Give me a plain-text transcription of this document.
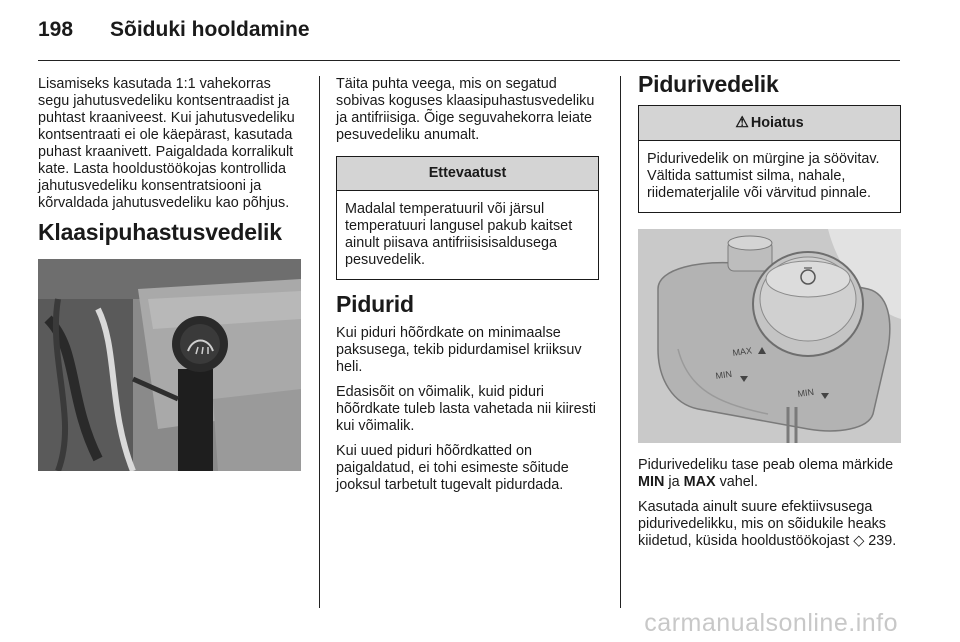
198 Sõiduki hooldamine

Lisamiseks kasutada 1:1 vahekorras segu jahutusvedeliku kontsentraadist ja puhtast kraaniveest. Kui jahutusvedeliku kontsentraati ei ole käepärast, kasutada puhast kraanivett. Paigaldada korralikult kate. Lasta hooldustöökojas kontrollida jahutusvedeliku konsentratsiooni ja kõrvaldada jahutusvedeliku kao põhjus.

Klaasipuhastusvedelik

Täita puhta veega, mis on segatud sobivas koguses klaasipuhastusvedeliku ja antifriisiga. Õige seguvahekorra leiate pesuvedeliku anumalt.

Ettevaatust
Madalal temperatuuril või järsul temperatuuri langusel pakub kaitset ainult piisava antifriisisisaldusega pesuvedelik.
Pidurid

Kui piduri hõõrdkate on minimaalse paksusega, tekib pidurdamisel kriiksuv heli.

Edasisõit on võimalik, kuid piduri hõõrdkate tuleb lasta vahetada nii kiiresti kui võimalik.

Kui uued piduri hõõrdkatted on paigaldatud, ei tohi esimeste sõitude jooksul tarbetult tugevalt pidurdada.

Pidurivedelik
⚠ Hoiatus
Pidurivedelik on mürgine ja söövitav. Vältida sattumist silma, nahale, riidematerjalile või värvitud pinnale.
MAX
MIN
MIN

Pidurivedeliku tase peab olema märkide MIN ja MAX vahel.

Kasutada ainult suure efektiivsusega pidurivedelikku, mis on sõidukile heaks kiidetud, küsida hooldustöökojast ◇ 239.

carmanualsonline.info
